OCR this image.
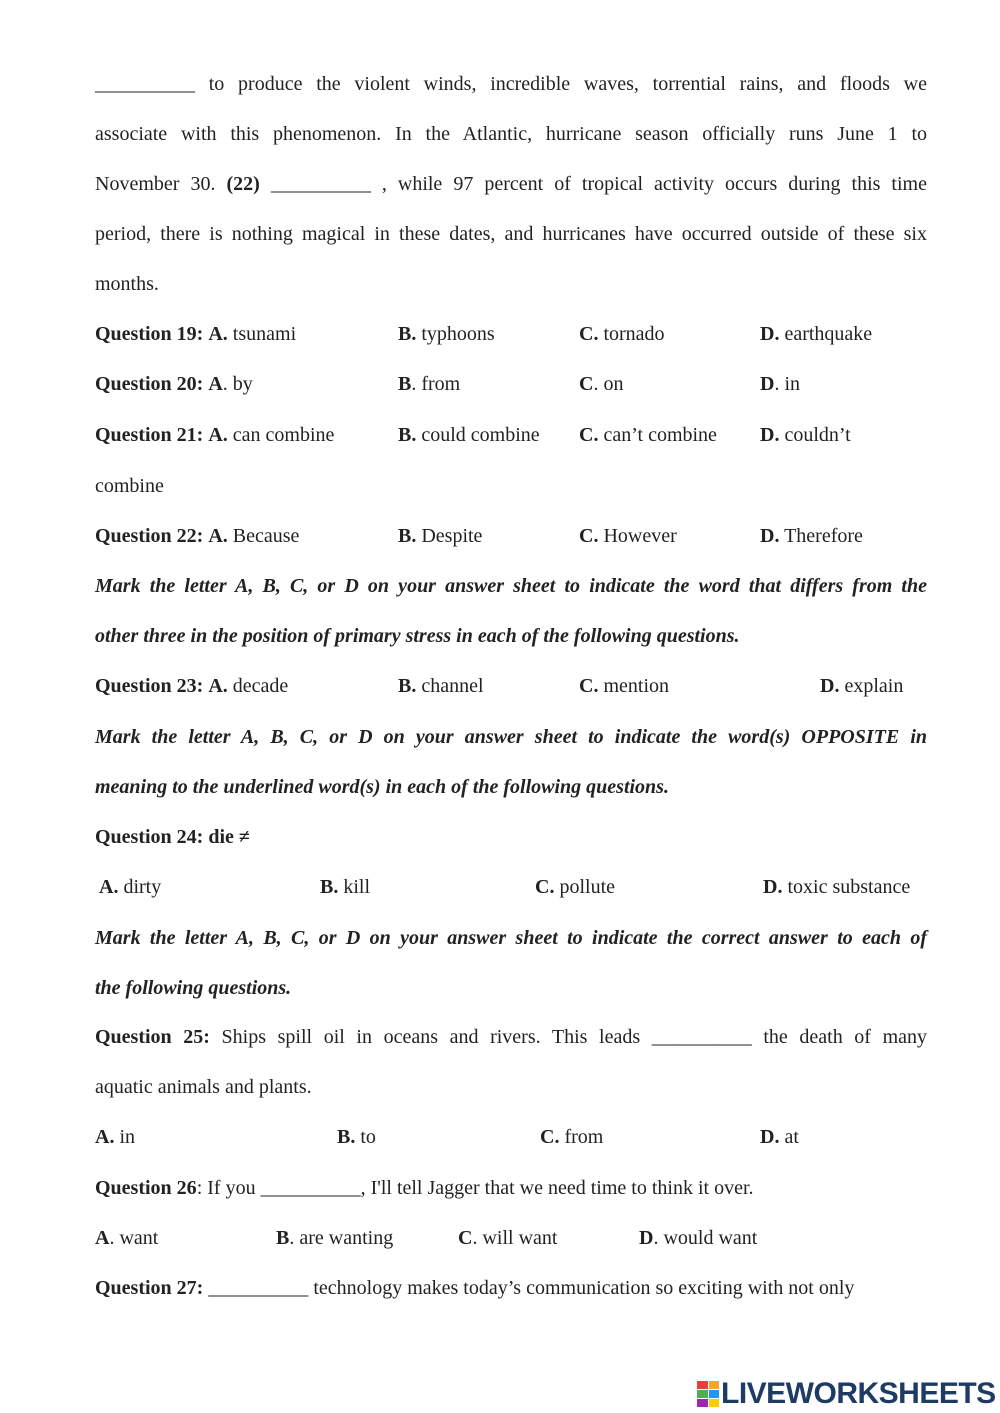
__________ to produce the violent winds, incredible waves, torrential rains, and floods we
associate with this phenomenon. In the Atlantic, hurricane season officially runs June 1 to
November 30. (22) __________ , while 97 percent of tropical activity occurs during this time
period, there is nothing magical in these dates, and hurricanes have occurred outside of these six
months.
Question 19: A. tsunami	B. typhoons	C. tornado	D. earthquake
Question 20: A. by	B. from	C. on	D. in
Question 21: A. can combine	B. could combine C. can’t combine D. couldn’t
combine
Question 22: A. Because	B. Despite	C. However	D. Therefore
Mark the letter A, B, C, or D on your answer sheet to indicate the word that differs from the
other three in the position of primary stress in each of the following questions.
Question 23: A. decade	B. channel	C. mention	D. explain
Mark the letter A, B, C, or D on your answer sheet to indicate the word(s) OPPOSITE in
meaning to the underlined word(s) in each of the following questions.
Question 24: die ≠
A. dirty	B. kill	C. pollute	D. toxic substance
Mark the letter A, B, C, or D on your answer sheet to indicate the correct answer to each of
the following questions.
Question 25: Ships spill oil in oceans and rivers. This leads __________ the death of many
aquatic animals and plants.
A. in	B. to	C. from	D. at
Question 26: If you __________, I'll tell Jagger that we need time to think it over.
A. want	B. are wanting	C. will want	D. would want
Question 27: __________ technology makes today’s communication so exciting with not only
LIVEWORKSHEETS
